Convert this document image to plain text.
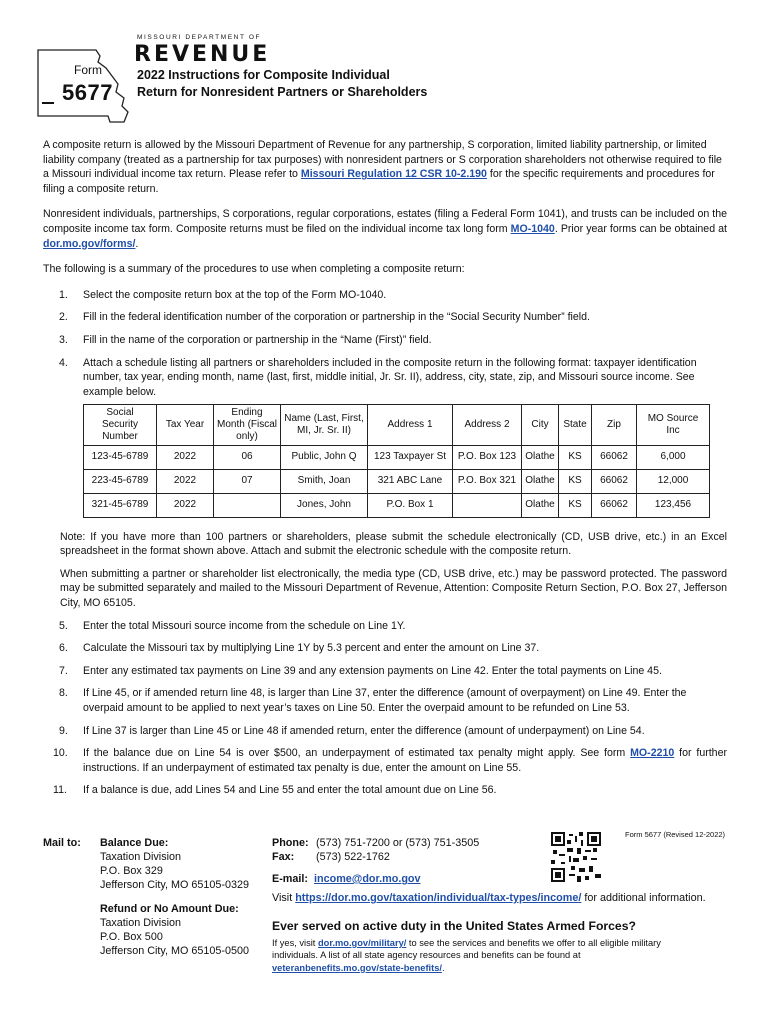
Form
5677
MISSOURI DEPARTMENT OF
REVENUE
2022 Instructions for Composite Individual
Return for Nonresident Partners or Shareholders

A composite return is allowed by the Missouri Department of Revenue for any partnership, S corporation, limited liability partnership, or limited liability company (treated as a partnership for tax purposes) with nonresident partners or S corporation shareholders not otherwise required to file a Missouri individual income tax return. Please refer to Missouri Regulation 12 CSR 10-2.190 for the specific requirements and procedures for filing a composite return.

Nonresident individuals, partnerships, S corporations, regular corporations, estates (filing a Federal Form 1041), and trusts can be included on the composite income tax form. Composite returns must be filed on the individual income tax long form MO-1040. Prior year forms can be obtained at dor.mo.gov/forms/.

The following is a summary of the procedures to use when completing a composite return:

1. Select the composite return box at the top of the Form MO-1040.
2. Fill in the federal identification number of the corporation or partnership in the “Social Security Number” field.
3. Fill in the name of the corporation or partnership in the “Name (First)” field.
4. Attach a schedule listing all partners or shareholders included in the composite return in the following format: taxpayer identification number, tax year, ending month, name (last, first, middle initial, Jr. Sr. II), address, city, state, zip, and Missouri source income. See example below.
Social Security Number	Tax Year	Ending Month (Fiscal only)	Name (Last, First, MI, Jr. Sr. II)	Address 1	Address 2	City	State	Zip	MO Source Inc
123-45-6789	2022	06	Public, John Q	123 Taxpayer St	P.O. Box 123	Olathe	KS	66062	6,000
223-45-6789	2022	07	Smith, Joan	321 ABC Lane	P.O. Box 321	Olathe	KS	66062	12,000
321-45-6789	2022		Jones, John	P.O. Box 1		Olathe	KS	66062	123,456

Note: If you have more than 100 partners or shareholders, please submit the schedule electronically (CD, USB drive, etc.) in an Excel spreadsheet in the format shown above. Attach and submit the electronic schedule with the composite return.

When submitting a partner or shareholder list electronically, the media type (CD, USB drive, etc.) may be password protected. The password may be submitted separately and mailed to the Missouri Department of Revenue, Attention: Composite Return Section, P.O. Box 27, Jefferson City, MO 65105.

5. Enter the total Missouri source income from the schedule on Line 1Y.
6. Calculate the Missouri tax by multiplying Line 1Y by 5.3 percent and enter the amount on Line 37.
7. Enter any estimated tax payments on Line 39 and any extension payments on Line 42. Enter the total payments on Line 45.
8. If Line 45, or if amended return line 48, is larger than Line 37, enter the difference (amount of overpayment) on Line 49. Enter the overpaid amount to be applied to next year’s taxes on Line 50. Enter the overpaid amount to be refunded on Line 53.
9. If Line 37 is larger than Line 45 or Line 48 if amended return, enter the difference (amount of underpayment) on Line 54.
10. If the balance due on Line 54 is over $500, an underpayment of estimated tax penalty might apply. See form MO-2210 for further instructions. If an underpayment of estimated tax penalty is due, enter the amount on Line 55.
11. If a balance is due, add Lines 54 and Line 55 and enter the total amount due on Line 56.
Mail to: Balance Due:
Taxation Division
P.O. Box 329
Jefferson City, MO 65105-0329
Refund or No Amount Due:
Taxation Division
P.O. Box 500
Jefferson City, MO 65105-0500
Phone: (573) 751-7200 or (573) 751-3505
Fax: (573) 522-1762
E-mail: income@dor.mo.gov
Visit https://dor.mo.gov/taxation/individual/tax-types/income/ for additional information.
Form 5677 (Revised 12-2022)
Ever served on active duty in the United States Armed Forces?
If yes, visit dor.mo.gov/military/ to see the services and benefits we offer to all eligible military individuals. A list of all state agency resources and benefits can be found at veteranbenefits.mo.gov/state-benefits/.
